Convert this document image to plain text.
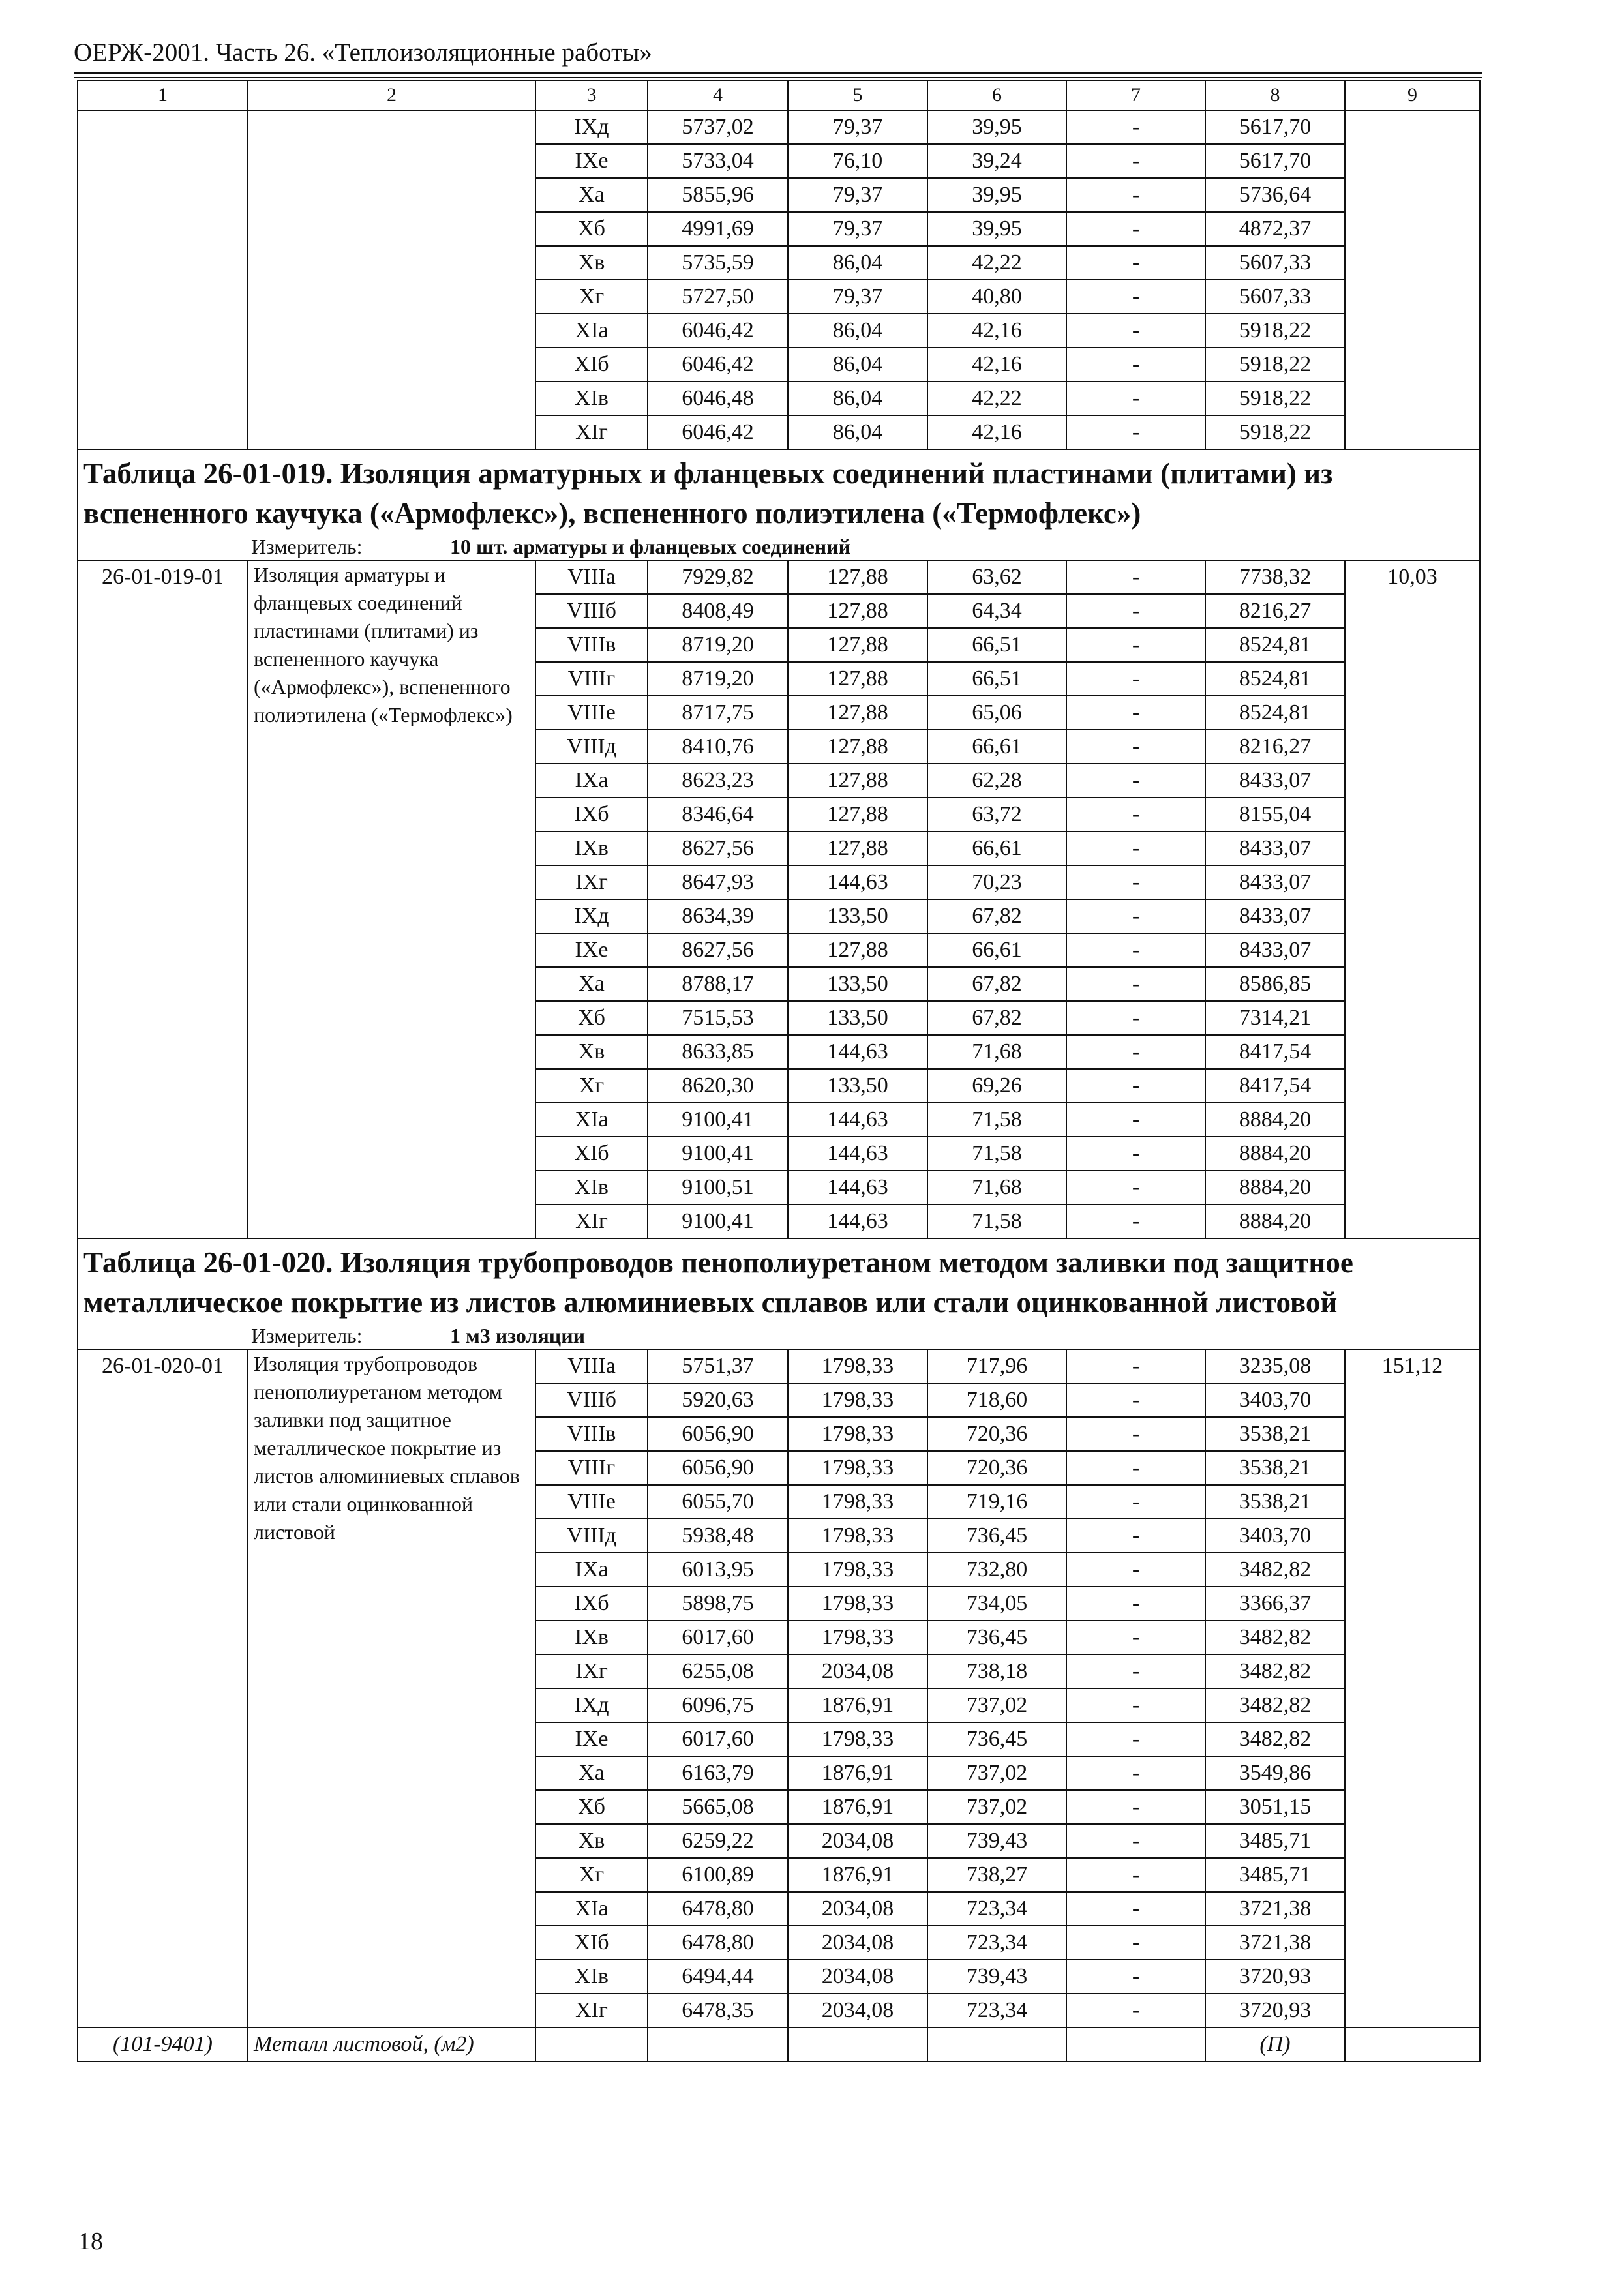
ОЕРЖ-2001. Часть 26. «Теплоизоляционные работы»
1	2	3	4	5	6	7	8	9
		IXд	5737,02	79,37	39,95	-	5617,70	
		IXе	5733,04	76,10	39,24	-	5617,70	
		Xа	5855,96	79,37	39,95	-	5736,64	
		Xб	4991,69	79,37	39,95	-	4872,37	
		Xв	5735,59	86,04	42,22	-	5607,33	
		Xг	5727,50	79,37	40,80	-	5607,33	
		XIа	6046,42	86,04	42,16	-	5918,22	
		XIб	6046,42	86,04	42,16	-	5918,22	
		XIв	6046,48	86,04	42,22	-	5918,22	
		XIг	6046,42	86,04	42,16	-	5918,22	
Таблица 26-01-019. Изоляция арматурных и фланцевых соединений пластинами (плитами) из вспененного каучука («Армофлекс»), вспененного полиэтилена («Термофлекс»)								
Измеритель: 10 шт. арматуры и фланцевых соединений								
26-01-019-01	Изоляция арматуры и фланцевых соединений пластинами (плитами) из вспененного каучука («Армофлекс»), вспененного полиэтилена («Термофлекс»)	VIIIа	7929,82	127,88	63,62	-	7738,32	10,03
		VIIIб	8408,49	127,88	64,34	-	8216,27	
		VIIIв	8719,20	127,88	66,51	-	8524,81	
		VIIIг	8719,20	127,88	66,51	-	8524,81	
		VIIIе	8717,75	127,88	65,06	-	8524,81	
		VIIIд	8410,76	127,88	66,61	-	8216,27	
		IXа	8623,23	127,88	62,28	-	8433,07	
		IXб	8346,64	127,88	63,72	-	8155,04	
		IXв	8627,56	127,88	66,61	-	8433,07	
		IXг	8647,93	144,63	70,23	-	8433,07	
		IXд	8634,39	133,50	67,82	-	8433,07	
		IXе	8627,56	127,88	66,61	-	8433,07	
		Xа	8788,17	133,50	67,82	-	8586,85	
		Xб	7515,53	133,50	67,82	-	7314,21	
		Xв	8633,85	144,63	71,68	-	8417,54	
		Xг	8620,30	133,50	69,26	-	8417,54	
		XIа	9100,41	144,63	71,58	-	8884,20	
		XIб	9100,41	144,63	71,58	-	8884,20	
		XIв	9100,51	144,63	71,68	-	8884,20	
		XIг	9100,41	144,63	71,58	-	8884,20	
Таблица 26-01-020. Изоляция трубопроводов пенополиуретаном методом заливки под защитное металлическое покрытие из листов алюминиевых сплавов или стали оцинкованной листовой								
Измеритель: 1 м3 изоляции								
26-01-020-01	Изоляция трубопроводов пенополиуретаном методом заливки под защитное металлическое покрытие из листов алюминиевых сплавов или стали оцинкованной листовой	VIIIа	5751,37	1798,33	717,96	-	3235,08	151,12
		VIIIб	5920,63	1798,33	718,60	-	3403,70	
		VIIIв	6056,90	1798,33	720,36	-	3538,21	
		VIIIг	6056,90	1798,33	720,36	-	3538,21	
		VIIIе	6055,70	1798,33	719,16	-	3538,21	
		VIIIд	5938,48	1798,33	736,45	-	3403,70	
		IXа	6013,95	1798,33	732,80	-	3482,82	
		IXб	5898,75	1798,33	734,05	-	3366,37	
		IXв	6017,60	1798,33	736,45	-	3482,82	
		IXг	6255,08	2034,08	738,18	-	3482,82	
		IXд	6096,75	1876,91	737,02	-	3482,82	
		IXе	6017,60	1798,33	736,45	-	3482,82	
		Xа	6163,79	1876,91	737,02	-	3549,86	
		Xб	5665,08	1876,91	737,02	-	3051,15	
		Xв	6259,22	2034,08	739,43	-	3485,71	
		Xг	6100,89	1876,91	738,27	-	3485,71	
		XIа	6478,80	2034,08	723,34	-	3721,38	
		XIб	6478,80	2034,08	723,34	-	3721,38	
		XIв	6494,44	2034,08	739,43	-	3720,93	
		XIг	6478,35	2034,08	723,34	-	3720,93	
(101-9401)	Металл листовой, (м2)						(П)	
18
